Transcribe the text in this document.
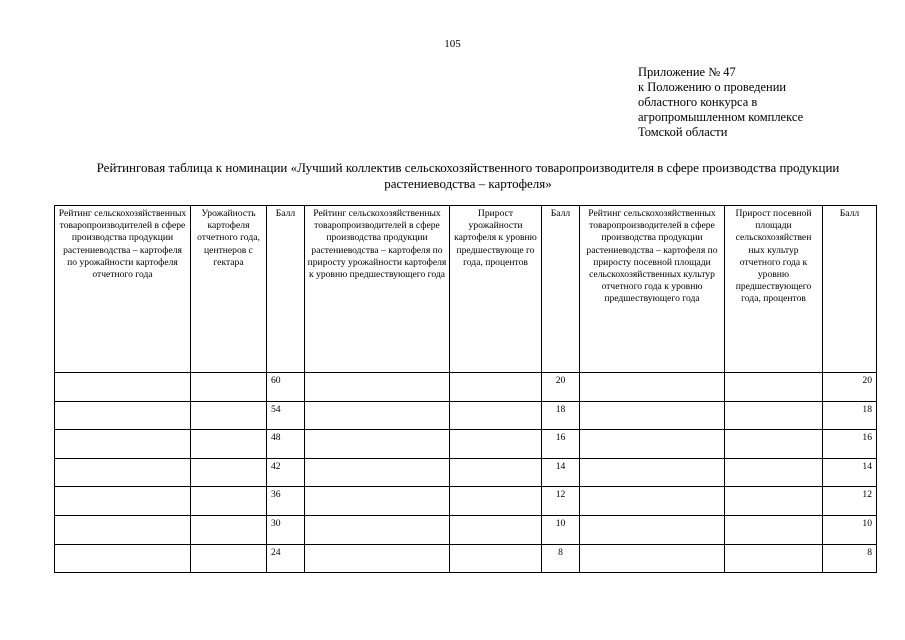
105
Приложение № 47
к Положению о проведении
областного конкурса в
агропромышленном комплексе
Томской области
Рейтинговая таблица к номинации «Лучший коллектив сельскохозяйственного товаропроизводителя в сфере производства продукции
растениеводства – картофеля»
Рейтинг сельскохозяйственных товаропроизводителей в сфере производства продукции растениеводства – картофеля по урожайности картофеля отчетного года	Урожайность картофеля отчетного года, центнеров с гектара	Балл	Рейтинг сельскохозяйственных товаропроизводителей в сфере производства продукции растениеводства – картофеля по приросту урожайности картофеля к уровню предшествующего года	Прирост урожайности картофеля к уровню предшествующе го года, процентов	Балл	Рейтинг сельскохозяйственных товаропроизводителей в сфере производства продукции растениеводства – картофеля по приросту посевной площади сельскохозяйственных культур отчетного года к уровню предшествующего года	Прирост посевной площади сельскохозяйствен ных культур отчетного года к уровню предшествующего года, процентов	Балл
		60			20			20
		54			18			18
		48			16			16
		42			14			14
		36			12			12
		30			10			10
		24			8			8
